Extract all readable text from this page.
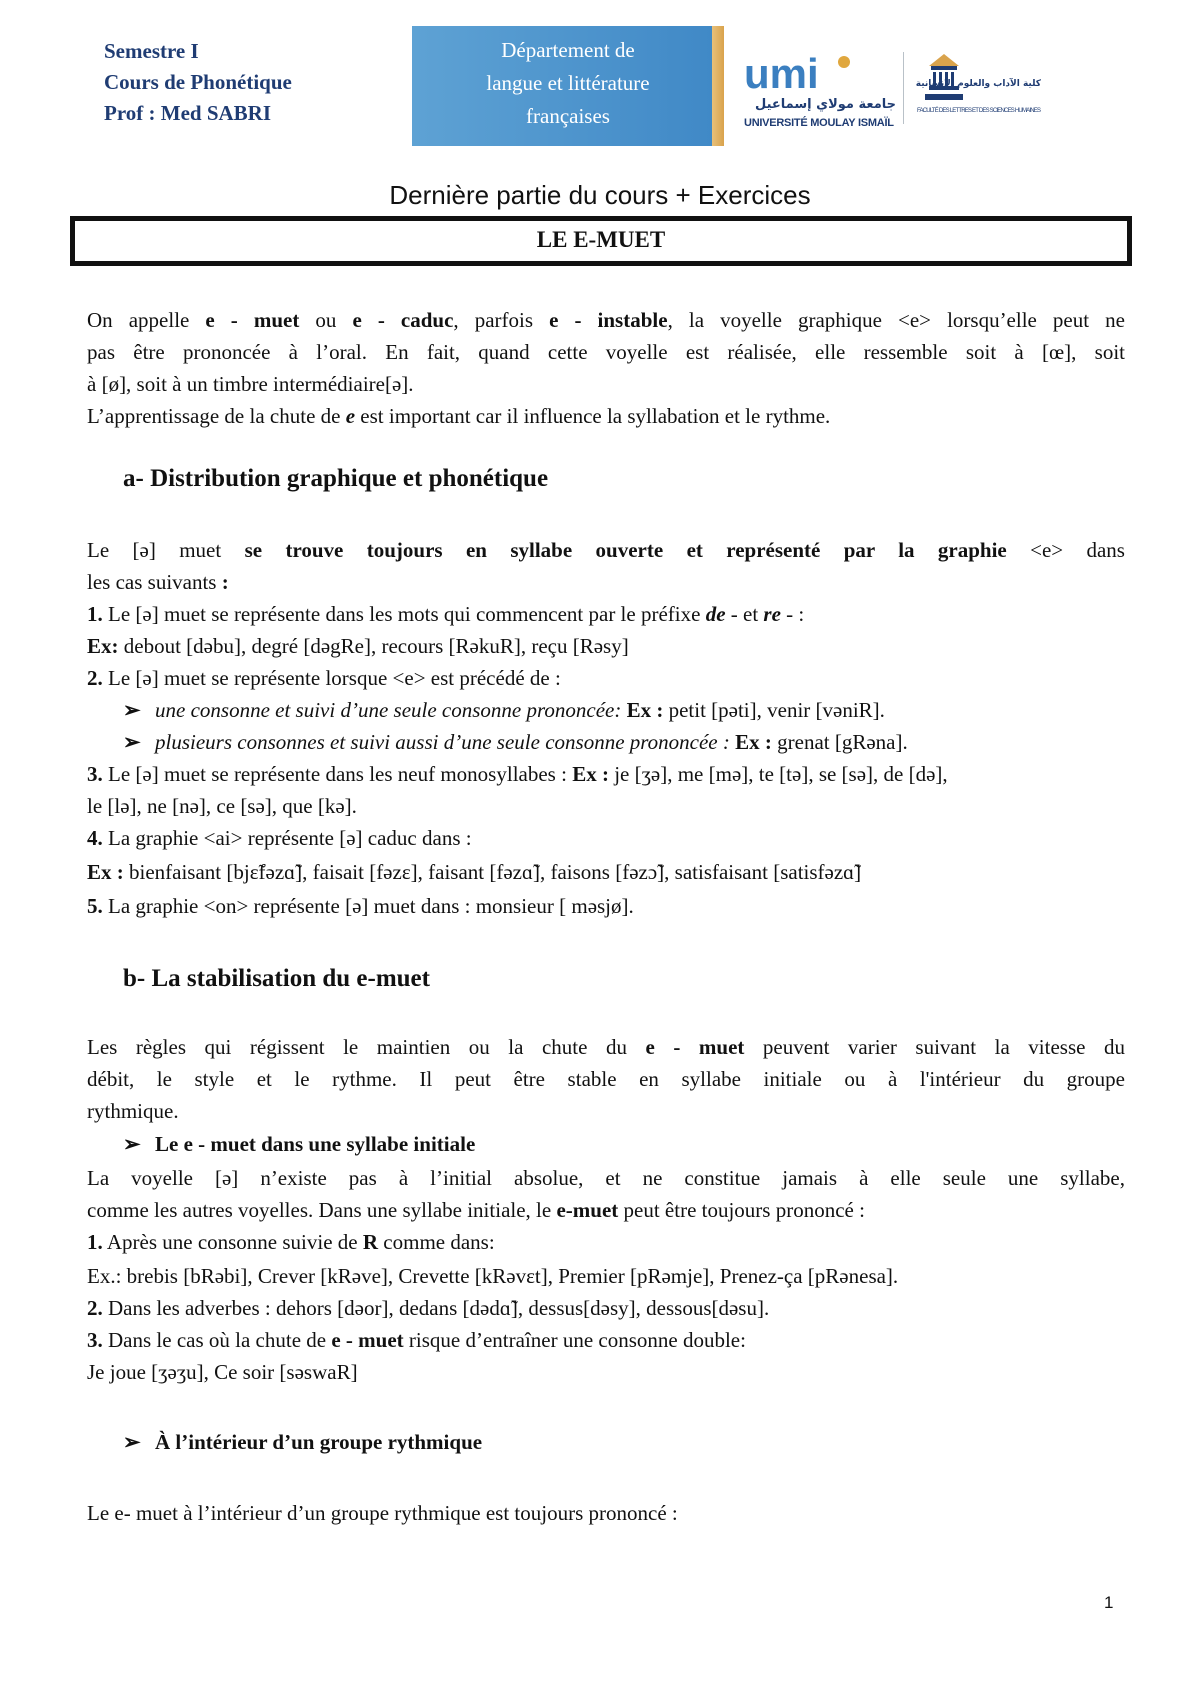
Semestre I
Cours de Phonétique
Prof : Med SABRI
Département de
langue et littérature
françaises
umi
جامعة مولاي إسماعيل
UNIVERSITÉ MOULAY ISMAÏL
كلية الآداب والعلوم الإنسانية
FACULTÉ DES LETTRES ET DES SCIENCES HUMAINES
Dernière partie du cours + Exercices
LE E-MUET
On appelle e - muet ou e - caduc, parfois e - instable, la voyelle graphique <e> lorsqu’elle peut ne
pas être prononcée à l’oral. En fait, quand cette voyelle est réalisée, elle ressemble soit à [œ], soit
à [ø], soit à un timbre intermédiaire[ə].
L’apprentissage de la chute de e est important car il influence la syllabation et le rythme.
a- Distribution graphique et phonétique
Le [ə] muet se trouve toujours en syllabe ouverte et représenté par la graphie <e> dans
les cas suivants :
1. Le [ə] muet se représente dans les mots qui commencent par le préfixe de - et re - :
Ex: debout [dəbu], degré [dəgRe], recours [RəkuR], reçu [Rəsy]
2. Le [ə] muet se représente lorsque <e> est précédé de :
➢ une consonne et suivi d’une seule consonne prononcée: Ex : petit [pəti], venir [vəniR].
➢ plusieurs consonnes et suivi aussi d’une seule consonne prononcée : Ex : grenat [gRəna].
3. Le [ə] muet se représente dans les neuf monosyllabes : Ex : je [ʒə], me [mə], te [tə], se [sə], de [də],
le [lə], ne [nə], ce [sə], que [kə].
4. La graphie <ai> représente [ə] caduc dans :
Ex : bienfaisant [bjɛ̃fəzɑ̃], faisait [fəzɛ], faisant [fəzɑ̃], faisons [fəzɔ̃], satisfaisant [satisfəzɑ̃]
5. La graphie <on> représente [ə] muet dans : monsieur [ məsjø].
b- La stabilisation du e-muet
Les règles qui régissent le maintien ou la chute du e - muet peuvent varier suivant la vitesse du
débit, le style et le rythme. Il peut être stable en syllabe initiale ou à l'intérieur du groupe
rythmique.
➢ Le e - muet dans une syllabe initiale
La voyelle [ə] n’existe pas à l’initial absolue, et ne constitue jamais à elle seule une syllabe,
comme les autres voyelles. Dans une syllabe initiale, le e-muet peut être toujours prononcé :
1. Après une consonne suivie de R comme dans:
Ex.: brebis [bRəbi], Crever [kRəve], Crevette [kRəvɛt], Premier [pRəmje], Prenez-ça [pRənesa].
2. Dans les adverbes : dehors [dəor], dedans [dədɑ̃], dessus[dəsy], dessous[dəsu].
3. Dans le cas où la chute de e - muet risque d’entraîner une consonne double:
Je joue [ʒəʒu], Ce soir [səswaR]
➢ À l’intérieur d’un groupe rythmique
Le e- muet à l’intérieur d’un groupe rythmique est toujours prononcé :
1
